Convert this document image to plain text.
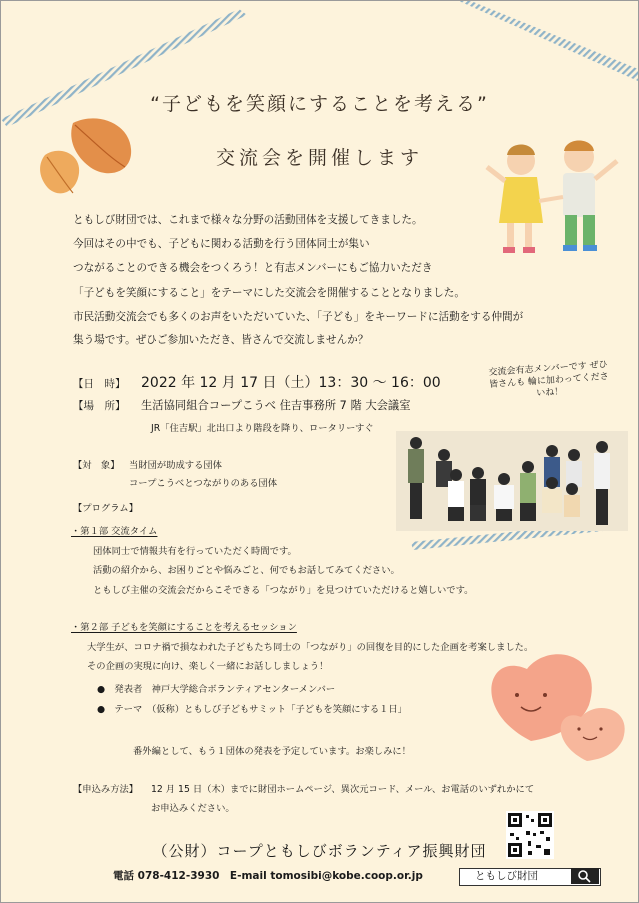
“子どもを笑顔にすることを考える”
交流会を開催します
ともしび財団では、これまで様々な分野の活動団体を支援してきました。
今回はその中でも、子どもに関わる活動を行う団体同士が集い
つながることのできる機会をつくろう！と有志メンバーにもご協力いただき
「子どもを笑顔にすること」をテーマにした交流会を開催することとなりました。
市民活動交流会でも多くのお声をいただいていた、「子ども」をキーワードに活動をする仲間が
集う場です。ぜひご参加いただき、皆さんで交流しませんか？
交流会有志メンバーです ぜひ皆さんも 輪に加わってくださいね！
【日　時】 2022 年 12 月 17 日（土）13：30 ～ 16：00
【場　所】 生活協同組合コープこうべ 住吉事務所 7 階 大会議室
JR「住吉駅」北出口より階段を降り、ロータリーすぐ
【対　象】 当財団が助成する団体
コープこうべとつながりのある団体
【プログラム】
・第１部 交流タイム
団体同士で情報共有を行っていただく時間です。
活動の紹介から、お困りごとや悩みごと、何でもお話してみてください。
ともしび主催の交流会だからこそできる「つながり」を見つけていただけると嬉しいです。
・第２部 子どもを笑顔にすることを考えるセッション
大学生が、コロナ禍で損なわれた子どもたち同士の「つながり」の回復を目的にした企画を考案しました。
その企画の実現に向け、楽しく一緒にお話ししましょう！
●　発表者　神戸大学総合ボランティアセンターメンバー
●　テーマ　（仮称）ともしび子どもサミット「子どもを笑顔にする１日」
番外編として、もう１団体の発表を予定しています。お楽しみに！
【申込み方法】 12 月 15 日（木）までに財団ホームページ、異次元コード、メール、お電話のいずれかにて
お申込みください。
（公財）コープともしびボランティア振興財団
電話 078-412-3930　E-mail tomosibi@kobe.coop.or.jp	ともしび財団
